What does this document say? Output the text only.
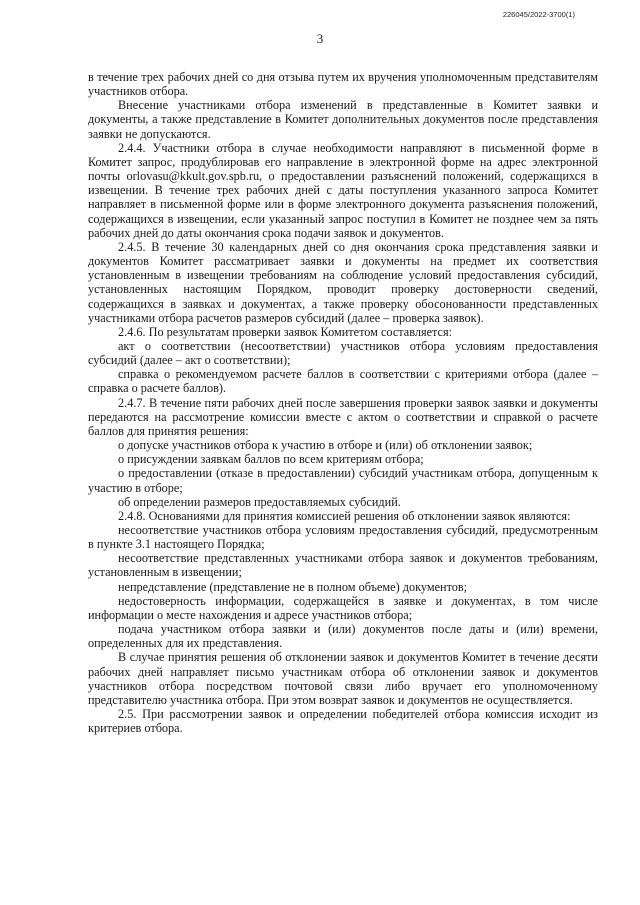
226045/2022-3700(1)
3

в течение трех рабочих дней со дня отзыва путем их вручения уполномоченным представителям участников отбора.

Внесение участниками отбора изменений в представленные в Комитет заявки и документы, а также представление в Комитет дополнительных документов после представления заявки не допускаются.

2.4.4. Участники отбора в случае необходимости направляют в письменной форме в Комитет запрос, продублировав его направление в электронной форме на адрес электронной почты orlovasu@kkult.gov.spb.ru, о предоставлении разъяснений положений, содержащихся в извещении. В течение трех рабочих дней с даты поступления указанного запроса Комитет направляет в письменной форме или в форме электронного документа разъяснения положений, содержащихся в извещении, если указанный запрос поступил в Комитет не позднее чем за пять рабочих дней до даты окончания срока подачи заявок и документов.

2.4.5. В течение 30 календарных дней со дня окончания срока представления заявки и документов Комитет рассматривает заявки и документы на предмет их соответствия установленным в извещении требованиям на соблюдение условий предоставления субсидий, установленных настоящим Порядком, проводит проверку достоверности сведений, содержащихся в заявках и документах, а также проверку обосонованности представленных участниками отбора расчетов размеров субсидий (далее – проверка заявок).

2.4.6. По результатам проверки заявок Комитетом составляется:

акт о соответствии (несоответствии) участников отбора условиям предоставления субсидий (далее – акт о соответствии);

справка о рекомендуемом расчете баллов в соответствии с критериями отбора (далее – справка о расчете баллов).

2.4.7. В течение пяти рабочих дней после завершения проверки заявок заявки и документы передаются на рассмотрение комиссии вместе с актом о соответствии и справкой о расчете баллов для принятия решения:

о допуске участников отбора к участию в отборе и (или) об отклонении заявок;

о присуждении заявкам баллов по всем критериям отбора;

о предоставлении (отказе в предоставлении) субсидий участникам отбора, допущенным к участию в отборе;

об определении размеров предоставляемых субсидий.

2.4.8. Основаниями для принятия комиссией решения об отклонении заявок являются:

несоответствие участников отбора условиям предоставления субсидий, предусмотренным в пункте 3.1 настоящего Порядка;

несоответствие представленных участниками отбора заявок и документов требованиям, установленным в извещении;

непредставление (представление не в полном объеме) документов;

недостоверность информации, содержащейся в заявке и документах, в том числе информации о месте нахождения и адресе участников отбора;

подача участником отбора заявки и (или) документов после даты и (или) времени, определенных для их представления.

В случае принятия решения об отклонении заявок и документов Комитет в течение десяти рабочих дней направляет письмо участникам отбора об отклонении заявок и документов участников отбора посредством почтовой связи либо вручает его уполномоченному представителю участника отбора. При этом возврат заявок и документов не осуществляется.

2.5. При рассмотрении заявок и определении победителей отбора комиссия исходит из критериев отбора.
